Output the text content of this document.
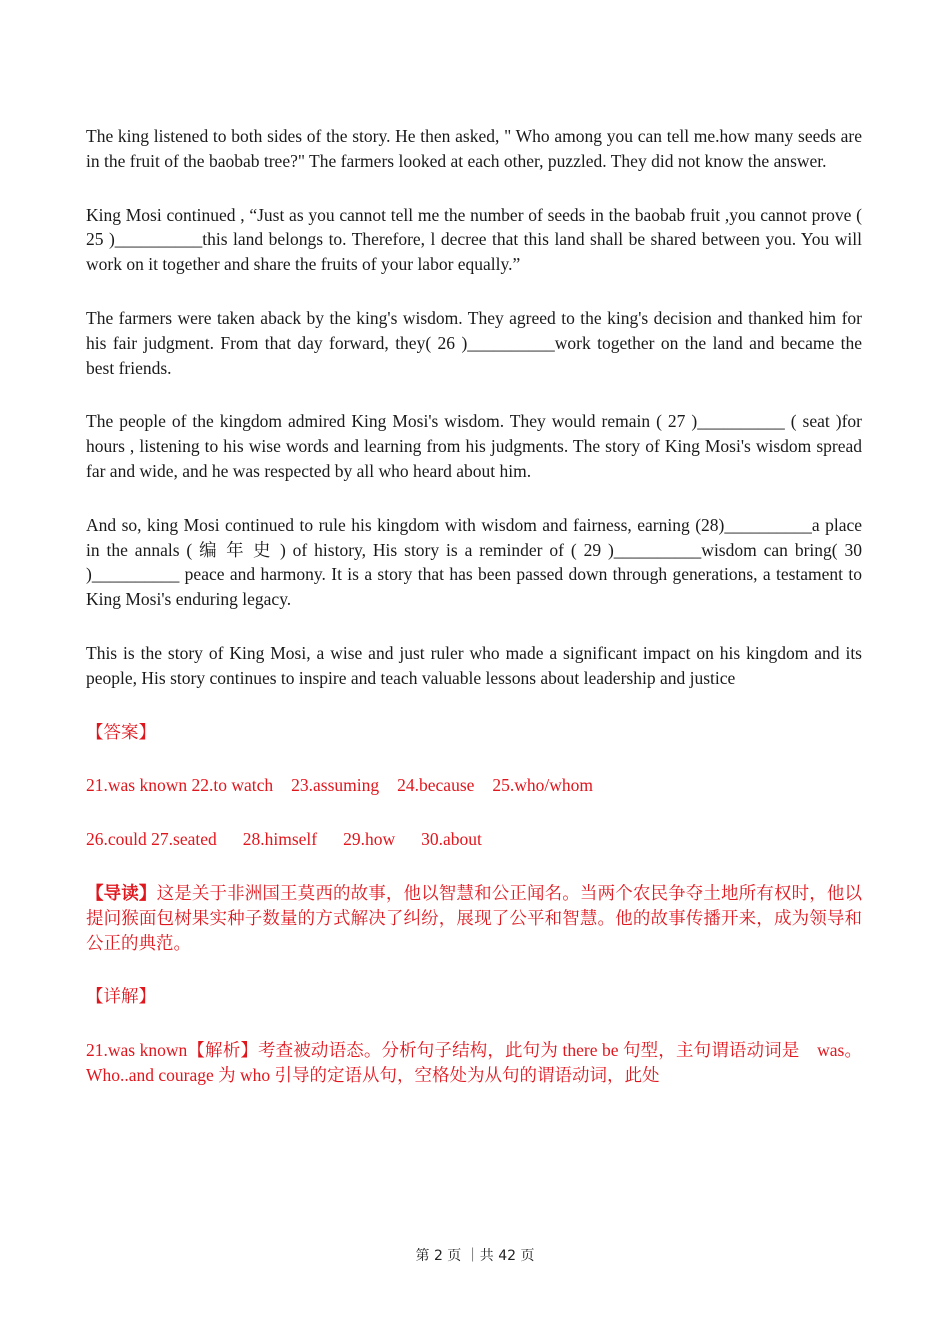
The king listened to both sides of the story. He then asked, " Who among you can tell me.how many seeds are in the fruit of the baobab tree?" The farmers looked at each other, puzzled. They did not know the answer.

King Mosi continued , “Just as you cannot tell me the number of seeds in the baobab fruit ,you cannot prove ( 25 )__________this land belongs to. Therefore, l decree that this land shall be shared between you. You will work on it together and share the fruits of your labor equally.”

The farmers were taken aback by the king's wisdom. They agreed to the king's decision and thanked him for his fair judgment. From that day forward, they( 26 )__________work together on the land and became the best friends.

The people of the kingdom admired King Mosi's wisdom. They would remain ( 27 )__________ ( seat )for hours , listening to his wise words and learning from his judgments. The story of King Mosi's wisdom spread far and wide, and he was respected by all who heard about him.

And so, king Mosi continued to rule his kingdom with wisdom and fairness, earning (28)__________a place in the annals ( 编 年 史 ) of history, His story is a reminder of ( 29 )__________wisdom can bring( 30 )__________ peace and harmony. It is a story that has been passed down through generations, a testament to King Mosi's enduring legacy.

This is the story of King Mosi, a wise and just ruler who made a significant impact on his kingdom and its people, His story continues to inspire and teach valuable lessons about leadership and justice

【答案】

21.was known 22.to watch 23.assuming 24.because 25.who/whom

26.could 27.seated 28.himself 29.how 30.about

【导读】这是关于非洲国王莫西的故事，他以智慧和公正闻名。当两个农民争夺土地所有权时，他以提问猴面包树果实种子数量的方式解决了纠纷，展现了公平和智慧。他的故事传播开来，成为领导和公正的典范。

【详解】

21.was known【解析】考查被动语态。分析句子结构，此句为 there be 句型，主句谓语动词是　was。Who..and courage 为 who 引导的定语从句，空格处为从句的谓语动词，此处

第 2 页 ｜共 42 页
